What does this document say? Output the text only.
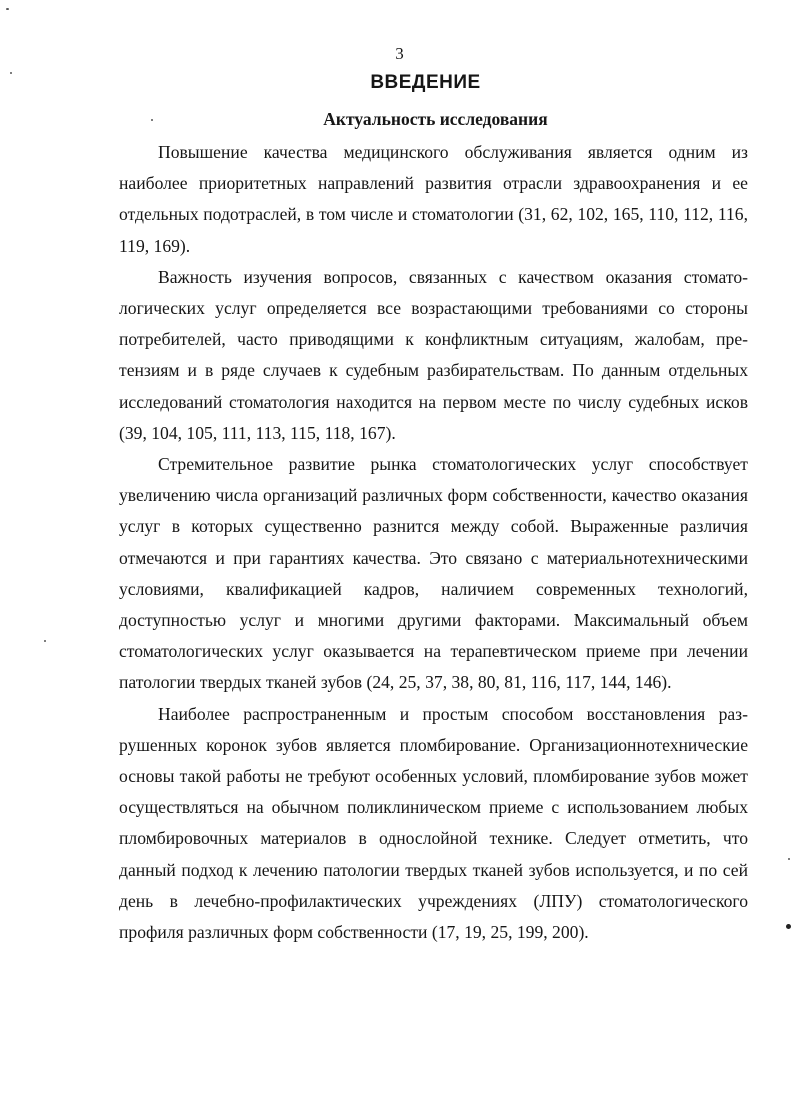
3
ВВЕДЕНИЕ
Актуальность исследования

Повышение качества медицинского обслуживания является одним из наиболее приоритетных направлений развития отрасли здравоохранения и ее отдельных подотраслей, в том числе и стоматологии (31, 62, 102, 165, 110, 112, 116, 119, 169).

Важность изучения вопросов, связанных с качеством оказания стоматологических услуг определяется все возрастающими требованиями со стороны потребителей, часто приводящими к конфликтным ситуациям, жалобам, претензиям и в ряде случаев к судебным разбирательствам. По данным отдельных исследований стоматология находится на первом месте по числу судебных исков (39, 104, 105, 111, 113, 115, 118, 167).

Стремительное развитие рынка стоматологических услуг способствует увеличению числа организаций различных форм собственности, качество оказания услуг в которых существенно разнится между собой. Выраженные различия отмечаются и при гарантиях качества. Это связано с материальнотехническими условиями, квалификацией кадров, наличием современных технологий, доступностью услуг и многими другими факторами. Максимальный объем стоматологических услуг оказывается на терапевтическом приеме при лечении патологии твердых тканей зубов (24, 25, 37, 38, 80, 81, 116, 117, 144, 146).

Наиболее распространенным и простым способом восстановления разрушенных коронок зубов является пломбирование. Организационнотехнические основы такой работы не требуют особенных условий, пломбирование зубов может осуществляться на обычном поликлиническом приеме с использованием любых пломбировочных материалов в однослойной технике. Следует отметить, что данный подход к лечению патологии твердых тканей зубов используется, и по сей день в лечебно-профилактических учреждениях (ЛПУ) стоматологического профиля различных форм собственности (17, 19, 25, 199, 200).
